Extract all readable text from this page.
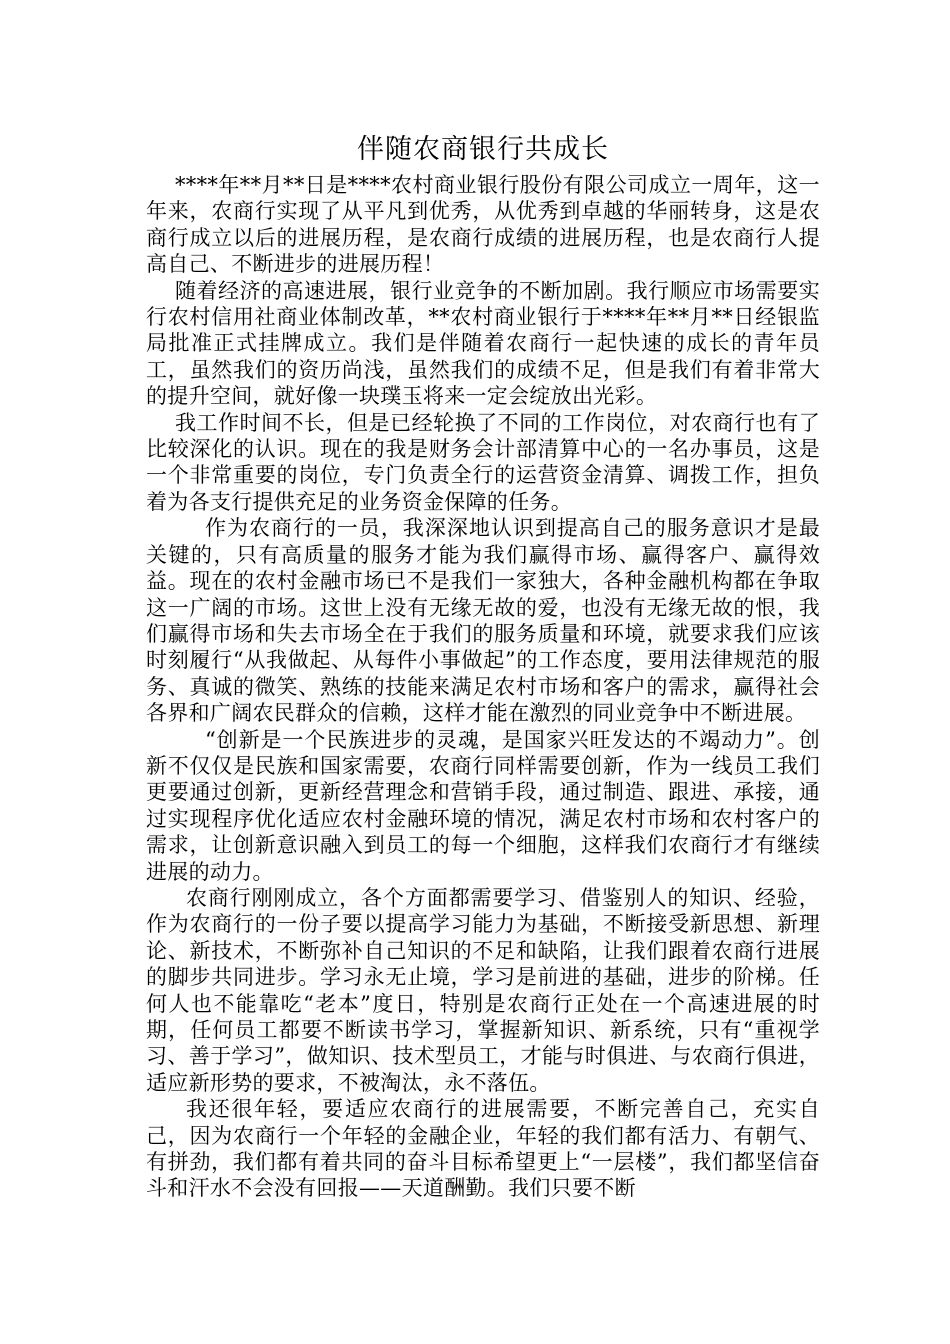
伴随农商银行共成长

****年**月**日是****农村商业银行股份有限公司成立一周年，这一年来，农商行实现了从平凡到优秀，从优秀到卓越的华丽转身，这是农商行成立以后的进展历程，是农商行成绩的进展历程，也是农商行人提高自己、不断进步的进展历程！

随着经济的高速进展，银行业竞争的不断加剧。我行顺应市场需要实行农村信用社商业体制改革，**农村商业银行于****年**月**日经银监局批准正式挂牌成立。我们是伴随着农商行一起快速的成长的青年员工，虽然我们的资历尚浅，虽然我们的成绩不足，但是我们有着非常大的提升空间，就好像一块璞玉将来一定会绽放出光彩。

我工作时间不长，但是已经轮换了不同的工作岗位，对农商行也有了比较深化的认识。现在的我是财务会计部清算中心的一名办事员，这是一个非常重要的岗位，专门负责全行的运营资金清算、调拨工作，担负着为各支行提供充足的业务资金保障的任务。

作为农商行的一员，我深深地认识到提高自己的服务意识才是最关键的，只有高质量的服务才能为我们赢得市场、赢得客户、赢得效益。现在的农村金融市场已不是我们一家独大，各种金融机构都在争取这一广阔的市场。这世上没有无缘无故的爱，也没有无缘无故的恨，我们赢得市场和失去市场全在于我们的服务质量和环境，就要求我们应该时刻履行“从我做起、从每件小事做起”的工作态度，要用法律规范的服务、真诚的微笑、熟练的技能来满足农村市场和客户的需求，赢得社会各界和广阔农民群众的信赖，这样才能在激烈的同业竞争中不断进展。

“创新是一个民族进步的灵魂，是国家兴旺发达的不竭动力”。创新不仅仅是民族和国家需要，农商行同样需要创新，作为一线员工我们更要通过创新，更新经营理念和营销手段，通过制造、跟进、承接，通过实现程序优化适应农村金融环境的情况，满足农村市场和农村客户的需求，让创新意识融入到员工的每一个细胞，这样我们农商行才有继续进展的动力。

农商行刚刚成立，各个方面都需要学习、借鉴别人的知识、经验，作为农商行的一份子要以提高学习能力为基础，不断接受新思想、新理论、新技术，不断弥补自己知识的不足和缺陷，让我们跟着农商行进展的脚步共同进步。学习永无止境，学习是前进的基础，进步的阶梯。任何人也不能靠吃“老本”度日，特别是农商行正处在一个高速进展的时期，任何员工都要不断读书学习，掌握新知识、新系统，只有“重视学习、善于学习”，做知识、技术型员工，才能与时俱进、与农商行俱进，适应新形势的要求，不被淘汰，永不落伍。

我还很年轻，要适应农商行的进展需要，不断完善自己，充实自己，因为农商行一个年轻的金融企业，年轻的我们都有活力、有朝气、有拼劲，我们都有着共同的奋斗目标希望更上“一层楼”，我们都坚信奋斗和汗水不会没有回报——天道酬勤。我们只要不断
